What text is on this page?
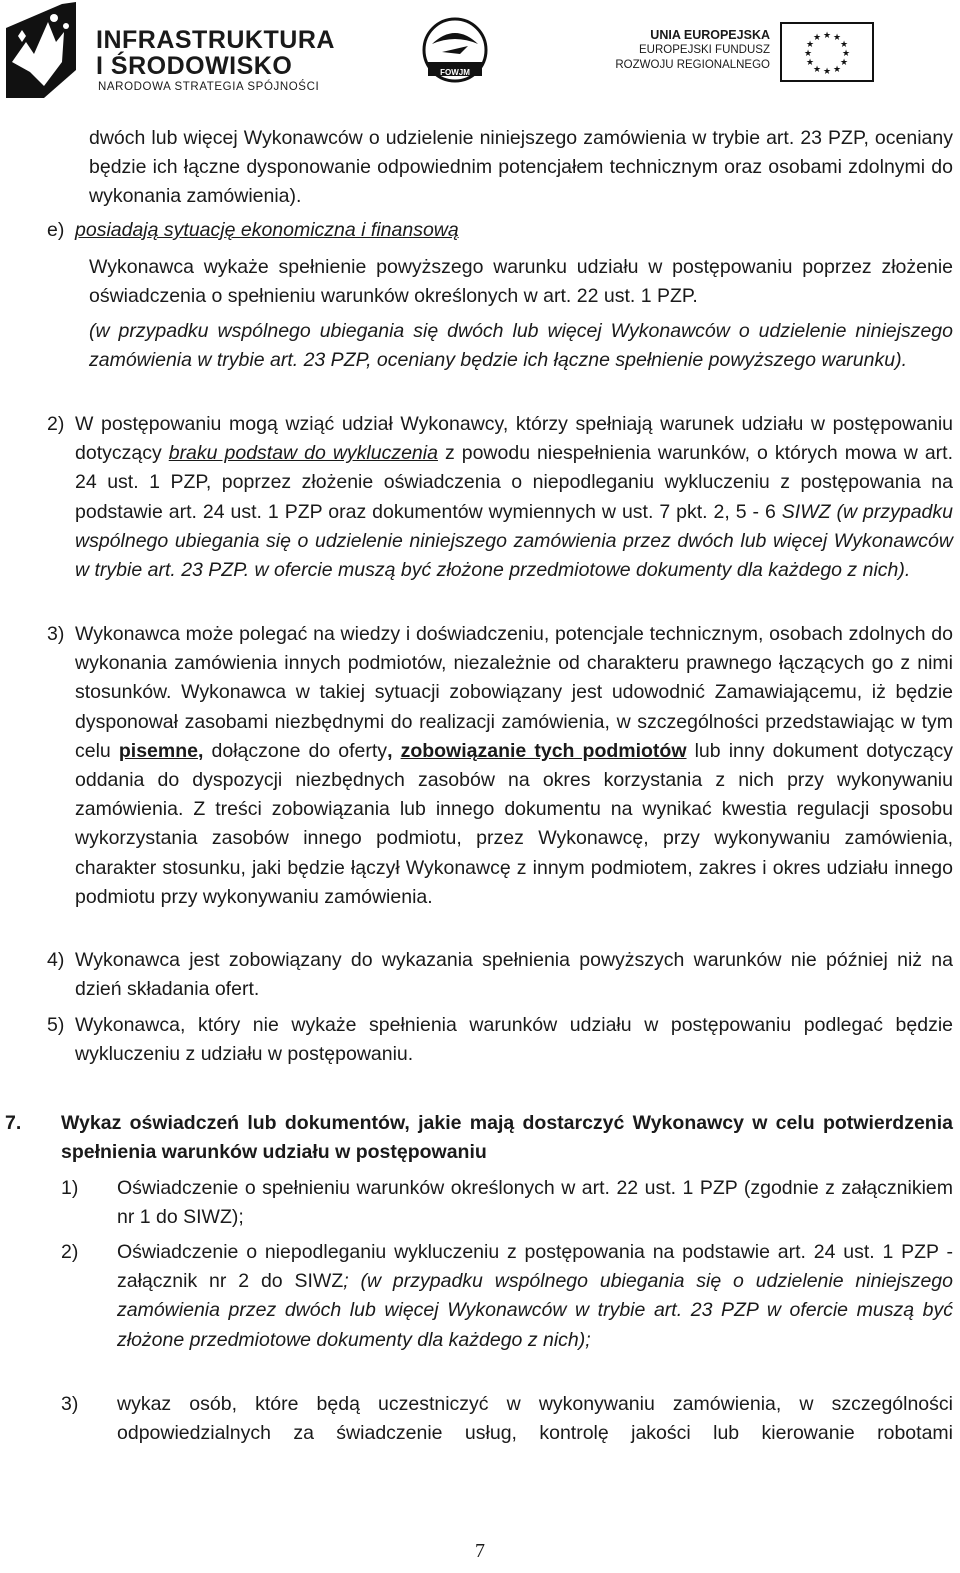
INFRASTRUKTURA
I ŚRODOWISKO
NARODOWA STRATEGIA SPÓJNOŚCI
FOWJM
UNIA EUROPEJSKA
EUROPEJSKI FUNDUSZ
ROZWOJU REGIONALNEGO
★ ★
★
★
★
★
★
★
★
★
★
★
dwóch lub więcej Wykonawców o udzielenie niniejszego zamówienia w trybie art. 23 PZP, oceniany będzie ich łączne dysponowanie odpowiednim potencjałem technicznym oraz osobami zdolnymi do wykonania zamówienia).
e) posiadają sytuację ekonomiczna i finansową
Wykonawca wykaże spełnienie powyższego warunku udziału w postępowaniu poprzez złożenie oświadczenia o spełnieniu warunków określonych w art. 22 ust. 1 PZP.
(w przypadku wspólnego ubiegania się dwóch lub więcej Wykonawców o udzielenie niniejszego zamówienia w trybie art. 23 PZP, oceniany będzie ich łączne spełnienie powyższego warunku).
2) W postępowaniu mogą wziąć udział Wykonawcy, którzy spełniają warunek udziału w postępowaniu dotyczący braku podstaw do wykluczenia z powodu niespełnienia warunków, o których mowa w art. 24 ust. 1 PZP, poprzez złożenie oświadczenia o niepodleganiu wykluczeniu z postępowania na podstawie art. 24 ust. 1 PZP oraz dokumentów wymiennych w ust. 7 pkt. 2, 5 - 6 SIWZ (w przypadku wspólnego ubiegania się o udzielenie niniejszego zamówienia przez dwóch lub więcej Wykonawców w trybie art. 23 PZP. w ofercie muszą być złożone przedmiotowe dokumenty dla każdego z nich).
3) Wykonawca może polegać na wiedzy i doświadczeniu, potencjale technicznym, osobach zdolnych do wykonania zamówienia innych podmiotów, niezależnie od charakteru prawnego łączących go z nimi stosunków. Wykonawca w takiej sytuacji zobowiązany jest udowodnić Zamawiającemu, iż będzie dysponował zasobami niezbędnymi do realizacji zamówienia, w szczególności przedstawiając w tym celu pisemne, dołączone do oferty, zobowiązanie tych podmiotów lub inny dokument dotyczący oddania do dyspozycji niezbędnych zasobów na okres korzystania z nich przy wykonywaniu zamówienia. Z treści zobowiązania lub innego dokumentu na wynikać kwestia regulacji sposobu wykorzystania zasobów innego podmiotu, przez Wykonawcę, przy wykonywaniu zamówienia, charakter stosunku, jaki będzie łączył Wykonawcę z innym podmiotem, zakres i okres udziału innego podmiotu przy wykonywaniu zamówienia.
4) Wykonawca jest zobowiązany do wykazania spełnienia powyższych warunków nie później niż na dzień składania ofert.
5) Wykonawca, który nie wykaże spełnienia warunków udziału w postępowaniu podlegać będzie wykluczeniu z udziału w postępowaniu.
7. Wykaz oświadczeń lub dokumentów, jakie mają dostarczyć Wykonawcy w celu potwierdzenia spełnienia warunków udziału w postępowaniu
1) Oświadczenie o spełnieniu warunków określonych w art. 22 ust. 1 PZP (zgodnie z załącznikiem nr 1 do SIWZ);
2) Oświadczenie o niepodleganiu wykluczeniu z postępowania na podstawie art. 24 ust. 1 PZP - załącznik nr 2 do SIWZ; (w przypadku wspólnego ubiegania się o udzielenie niniejszego zamówienia przez dwóch lub więcej Wykonawców w trybie art. 23 PZP w ofercie muszą być złożone przedmiotowe dokumenty dla każdego z nich);
3) wykaz osób, które będą uczestniczyć w wykonywaniu zamówienia, w szczególności odpowiedzialnych za świadczenie usług, kontrolę jakości lub kierowanie robotami
7
